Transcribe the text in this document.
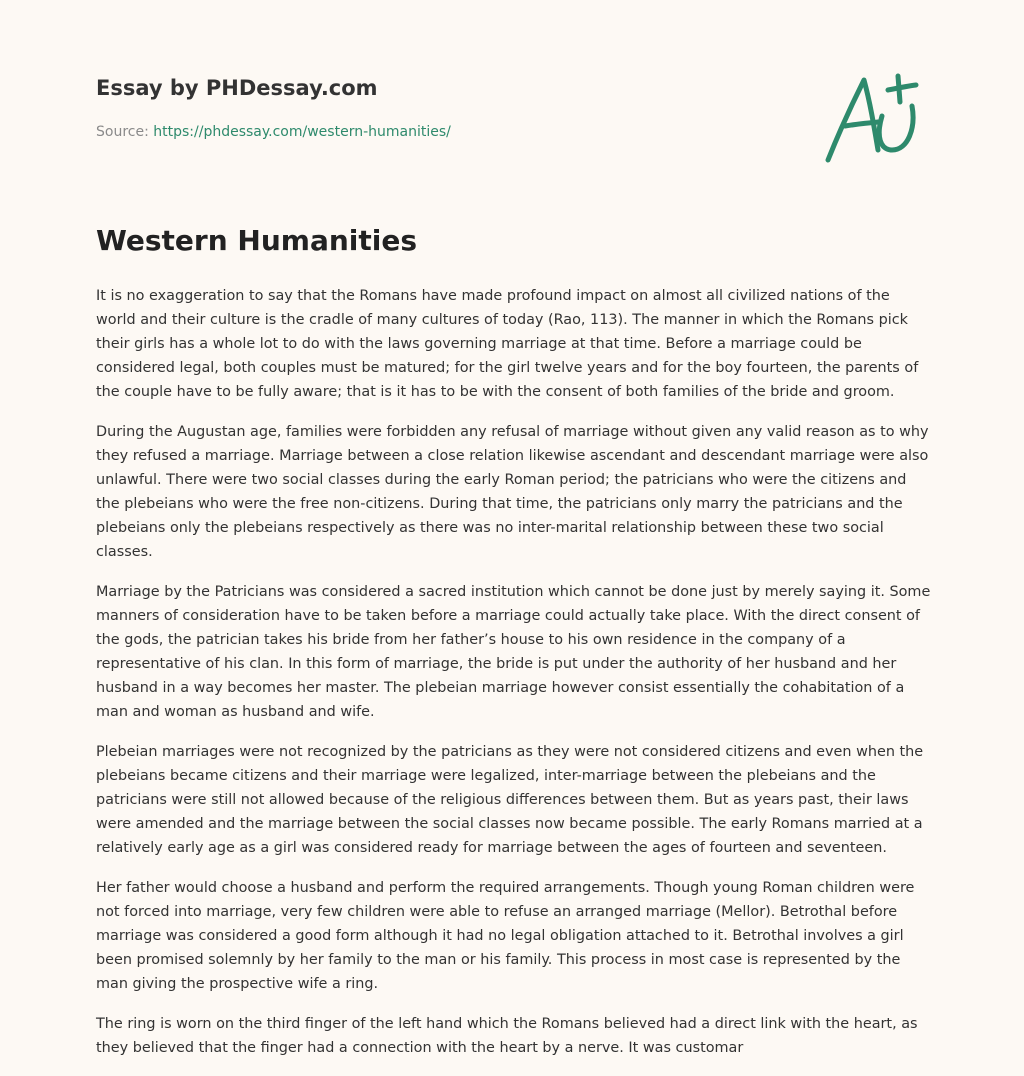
Essay by PHDessay.com
Source: https://phdessay.com/western-humanities/
Western Humanities

It is no exaggeration to say that the Romans have made profound impact on almost all civilized nations of the world and their culture is the cradle of many cultures of today (Rao, 113). The manner in which the Romans pick their girls has a whole lot to do with the laws governing marriage at that time. Before a marriage could be considered legal, both couples must be matured; for the girl twelve years and for the boy fourteen, the parents of the couple have to be fully aware; that is it has to be with the consent of both families of the bride and groom.

During the Augustan age, families were forbidden any refusal of marriage without given any valid reason as to why they refused a marriage. Marriage between a close relation likewise ascendant and descendant marriage were also unlawful. There were two social classes during the early Roman period; the patricians who were the citizens and the plebeians who were the free non-citizens. During that time, the patricians only marry the patricians and the plebeians only the plebeians respectively as there was no inter-marital relationship between these two social classes.

Marriage by the Patricians was considered a sacred institution which cannot be done just by merely saying it. Some manners of consideration have to be taken before a marriage could actually take place. With the direct consent of the gods, the patrician takes his bride from her father’s house to his own residence in the company of a representative of his clan. In this form of marriage, the bride is put under the authority of her husband and her husband in a way becomes her master. The plebeian marriage however consist essentially the cohabitation of a man and woman as husband and wife.

Plebeian marriages were not recognized by the patricians as they were not considered citizens and even when the plebeians became citizens and their marriage were legalized, inter-marriage between the plebeians and the patricians were still not allowed because of the religious differences between them. But as years past, their laws were amended and the marriage between the social classes now became possible. The early Romans married at a relatively early age as a girl was considered ready for marriage between the ages of fourteen and seventeen.

Her father would choose a husband and perform the required arrangements. Though young Roman children were not forced into marriage, very few children were able to refuse an arranged marriage (Mellor). Betrothal before marriage was considered a good form although it had no legal obligation attached to it. Betrothal involves a girl been promised solemnly by her family to the man or his family. This process in most case is represented by the man giving the prospective wife a ring.

The ring is worn on the third finger of the left hand which the Romans believed had a direct link with the heart, as they believed that the finger had a connection with the heart by a nerve. It was customar
